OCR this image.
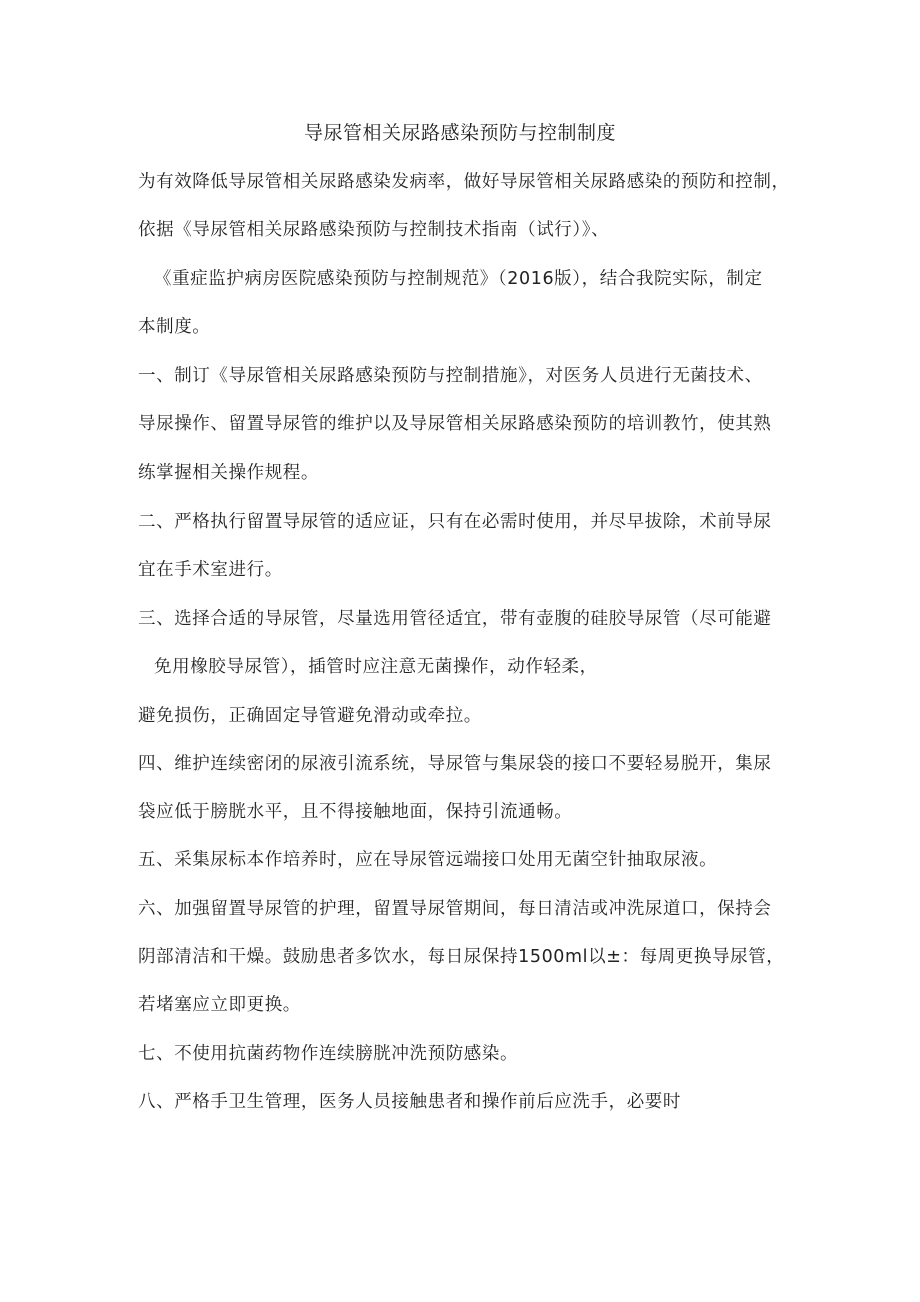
导尿管相关尿路感染预防与控制制度
为有效降低导尿管相关尿路感染发病率，做好导尿管相关尿路感染的预防和控制，
依据《导尿管相关尿路感染预防与控制技术指南（试行）》、
《重症监护病房医院感染预防与控制规范》（2016版），结合我院实际，制定
本制度。
一、制订《导尿管相关尿路感染预防与控制措施》，对医务人员进行无菌技术、
导尿操作、留置导尿管的维护以及导尿管相关尿路感染预防的培训教竹，使其熟
练掌握相关操作规程。
二、严格执行留置导尿管的适应证，只有在必需时使用，并尽早拔除，术前导尿
宜在手术室进行。
三、选择合适的导尿管，尽量选用管径适宜，带有壶腹的硅胶导尿管（尽可能避
免用橡胶导尿管），插管时应注意无菌操作，动作轻柔，
避免损伤，正确固定导管避免滑动或牵拉。
四、维护连续密闭的尿液引流系统，导尿管与集尿袋的接口不要轻易脱开，集尿
袋应低于膀胱水平，且不得接触地面，保持引流通畅。
五、采集尿标本作培养时，应在导尿管远端接口处用无菌空针抽取尿液。
六、加强留置导尿管的护理，留置导尿管期间，每日清洁或冲洗尿道口，保持会
阴部清洁和干燥。鼓励患者多饮水，每日尿保持1500ml以±：每周更换导尿管，
若堵塞应立即更换。
七、不使用抗菌药物作连续膀胱冲洗预防感染。
八、严格手卫生管理，医务人员接触患者和操作前后应洗手，必要时
